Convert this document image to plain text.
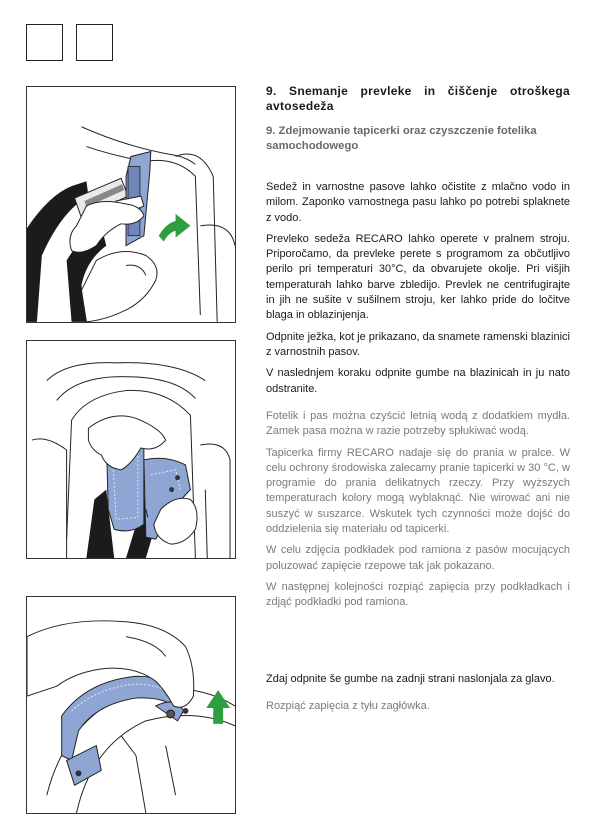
9. Snemanje prevleke in čiščenje otroškega avtosedeža

9. Zdejmowanie tapicerki oraz czyszczenie fotelika samochodowego

Sedež in varnostne pasove lahko očistite z mlačno vodo in milom. Zaponko varnostnega pasu lahko po potrebi splaknete z vodo.

Prevleko sedeža RECARO lahko operete v pralnem stroju. Priporočamo, da prevleke perete s programom za občutljivo perilo pri temperaturi 30°C, da obvarujete okolje. Pri višjih temperaturah lahko barve zbledijo. Prevlek ne centrifugirajte in jih ne sušite v sušilnem stroju, ker lahko pride do ločitve blaga in oblazinjenja.

Odpnite ježka, kot je prikazano, da snamete ramenski blazinici z varnostnih pasov.

V naslednjem koraku odpnite gumbe na blazinicah in ju nato odstranite.

Fotelik i pas można czyścić letnią wodą z dodatkiem mydła. Zamek pasa można w razie potrzeby spłukiwać wodą.

Tapicerka firmy RECARO nadaje się do prania w pralce. W celu ochrony środowiska zalecamy pranie tapicerki w 30 °C, w programie do prania delikatnych rzeczy. Przy wyższych temperaturach kolory mogą wyblaknąć. Nie wirować ani nie suszyć w suszarce. Wskutek tych czynności może dojść do oddzielenia się materiału od tapicerki.

W celu zdjęcia podkładek pod ramiona z pasów mocujących poluzować zapięcie rzepowe tak jak pokazano.

W następnej kolejności rozpiąć zapięcia przy podkładkach i zdjąć podkładki pod ramiona.

Zdaj odpnite še gumbe na zadnji strani naslonjala za glavo.

Rozpiąć zapięcia z tyłu zagłówka.
